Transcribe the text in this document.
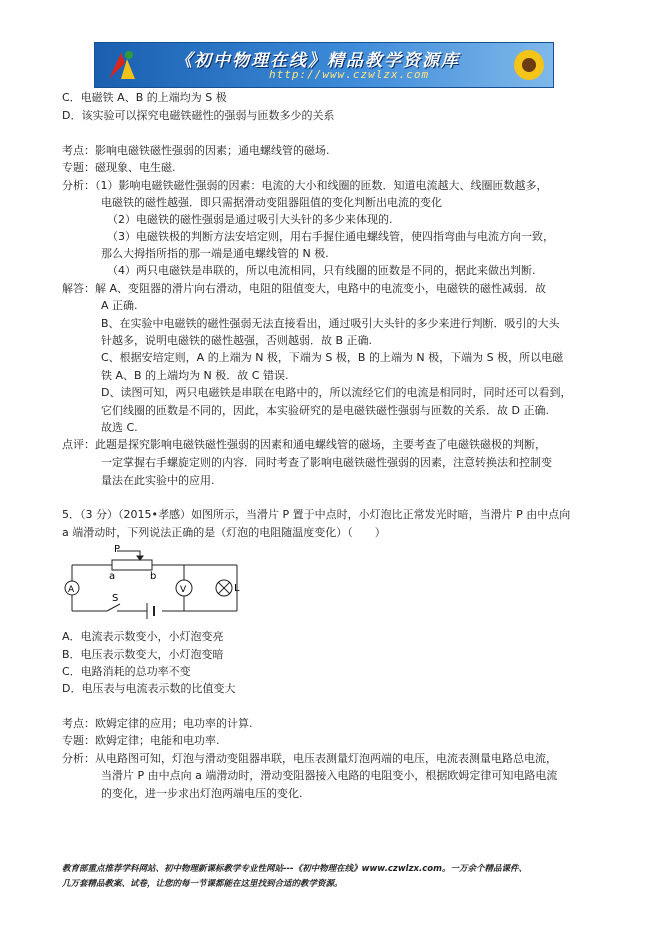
《初中物理在线》精品教学资源库
http://www.czwlzx.com
C．电磁铁 A、B 的上端均为 S 极
D．该实验可以探究电磁铁磁性的强弱与匝数多少的关系
考点：影响电磁铁磁性强弱的因素；通电螺线管的磁场.
专题：磁现象、电生磁.
分析：（1）影响电磁铁磁性强弱的因素：电流的大小和线圈的匝数．知道电流越大、线圈匝数越多，
电磁铁的磁性越强．即只需据滑动变阻器阻值的变化判断出电流的变化
（2）电磁铁的磁性强弱是通过吸引大头针的多少来体现的.
（3）电磁铁极的判断方法安培定则，用右手握住通电螺线管，使四指弯曲与电流方向一致，
那么大拇指所指的那一端是通电螺线管的 N 极.
（4）两只电磁铁是串联的，所以电流相同，只有线圈的匝数是不同的，据此来做出判断.
解答：解 A、变阻器的滑片向右滑动，电阻的阻值变大，电路中的电流变小，电磁铁的磁性减弱．故
A 正确.
B、在实验中电磁铁的磁性强弱无法直接看出，通过吸引大头针的多少来进行判断．吸引的大头
针越多，说明电磁铁的磁性越强，否则越弱．故 B 正确.
C、根据安培定则，A 的上端为 N 极，下端为 S 极，B 的上端为 N 极，下端为 S 极，所以电磁
铁 A、B 的上端均为 N 极．故 C 错误.
D、读图可知，两只电磁铁是串联在电路中的，所以流经它们的电流是相同时，同时还可以看到，
它们线圈的匝数是不同的，因此，本实验研究的是电磁铁磁性强弱与匝数的关系．故 D 正确.
故选 C.
点评：此题是探究影响电磁铁磁性强弱的因素和通电螺线管的磁场，主要考查了电磁铁磁极的判断，
一定掌握右手螺旋定则的内容．同时考查了影响电磁铁磁性强弱的因素，注意转换法和控制变
量法在此实验中的应用.
5．（3 分）（2015•孝感）如图所示，当滑片 P 置于中点时，小灯泡比正常发光时暗，当滑片 P 由中点向
a 端滑动时，下列说法正确的是（灯泡的电阻随温度变化）（　　）
A．电流表示数变小，小灯泡变亮
B．电压表示数变大，小灯泡变暗
C．电路消耗的总功率不变
D．电压表与电流表示数的比值变大
考点：欧姆定律的应用；电功率的计算.
专题：欧姆定律；电能和电功率.
分析：从电路图可知，灯泡与滑动变阻器串联，电压表测量灯泡两端的电压，电流表测量电路总电流，
当滑片 P 由中点向 a 端滑动时，滑动变阻器接入电路的电阻变小，根据欧姆定律可知电路电流
的变化，进一步求出灯泡两端电压的变化.
P
a	b
S
L
A	V
教育部重点推荐学科网站、初中物理新课标教学专业性网站---《初中物理在线》www.czwlzx.com。一万余个精品课件、
几万套精品教案、试卷，让您的每一节课都能在这里找到合适的教学资源。
